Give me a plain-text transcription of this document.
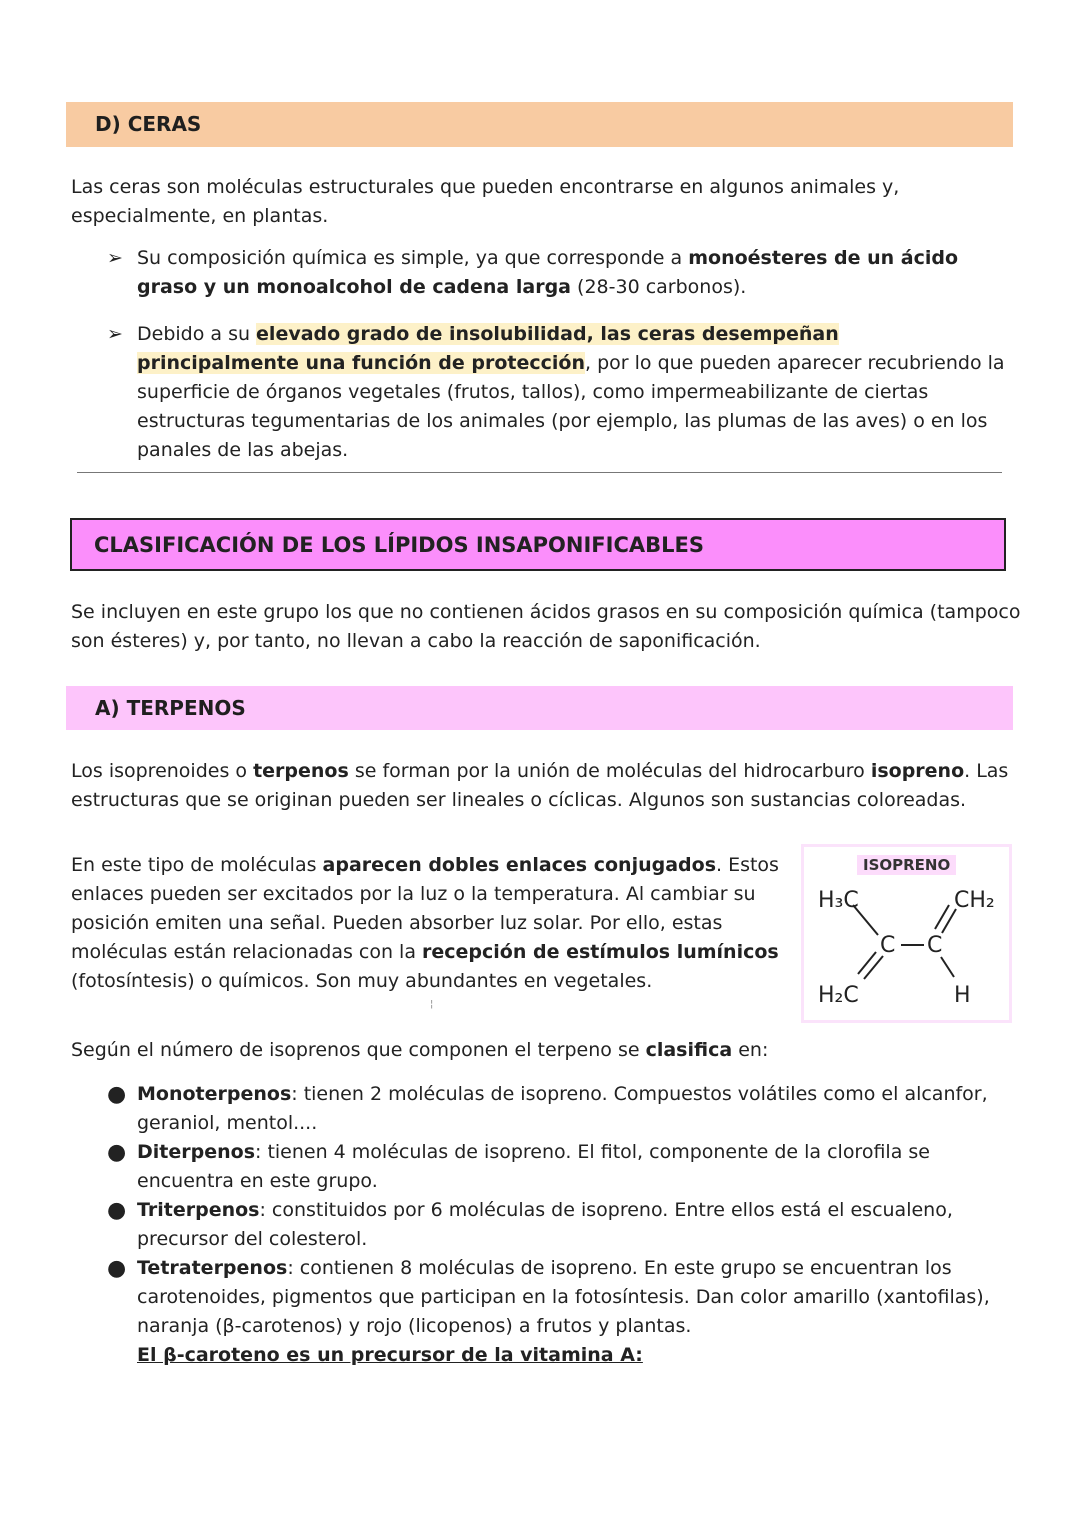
D) CERAS
Las ceras son moléculas estructurales que pueden encontrarse en algunos animales y, especialmente, en plantas.
➢ Su composición química es simple, ya que corresponde a monoésteres de un ácido graso y un monoalcohol de cadena larga (28-30 carbonos).
➢ Debido a su elevado grado de insolubilidad, las ceras desempeñan principalmente una función de protección, por lo que pueden aparecer recubriendo la superficie de órganos vegetales (frutos, tallos), como impermeabilizante de ciertas estructuras tegumentarias de los animales (por ejemplo, las plumas de las aves) o en los panales de las abejas.
CLASIFICACIÓN DE LOS LÍPIDOS INSAPONIFICABLES
Se incluyen en este grupo los que no contienen ácidos grasos en su composición química (tampoco son ésteres) y, por tanto, no llevan a cabo la reacción de saponificación.
A) TERPENOS
Los isoprenoides o terpenos se forman por la unión de moléculas del hidrocarburo isopreno. Las estructuras que se originan pueden ser lineales o cíclicas. Algunos son sustancias coloreadas.
En este tipo de moléculas aparecen dobles enlaces conjugados. Estos enlaces pueden ser excitados por la luz o la temperatura. Al cambiar su posición emiten una señal. Pueden absorber luz solar. Por ello, estas moléculas están relacionadas con la recepción de estímulos lumínicos (fotosíntesis) o químicos. Son muy abundantes en vegetales.
¦
ISOPRENO
H₃C	CH₂
C C
H₂C	H
Según el número de isoprenos que componen el terpeno se clasifica en:
● Monoterpenos: tienen 2 moléculas de isopreno. Compuestos volátiles como el alcanfor, geraniol, mentol....
● Diterpenos: tienen 4 moléculas de isopreno. El fitol, componente de la clorofila se encuentra en este grupo.
● Triterpenos: constituidos por 6 moléculas de isopreno. Entre ellos está el escualeno, precursor del colesterol.
● Tetraterpenos: contienen 8 moléculas de isopreno. En este grupo se encuentran los carotenoides, pigmentos que participan en la fotosíntesis. Dan color amarillo (xantofilas), naranja (β-carotenos) y rojo (licopenos) a frutos y plantas.
El β-caroteno es un precursor de la vitamina A:
